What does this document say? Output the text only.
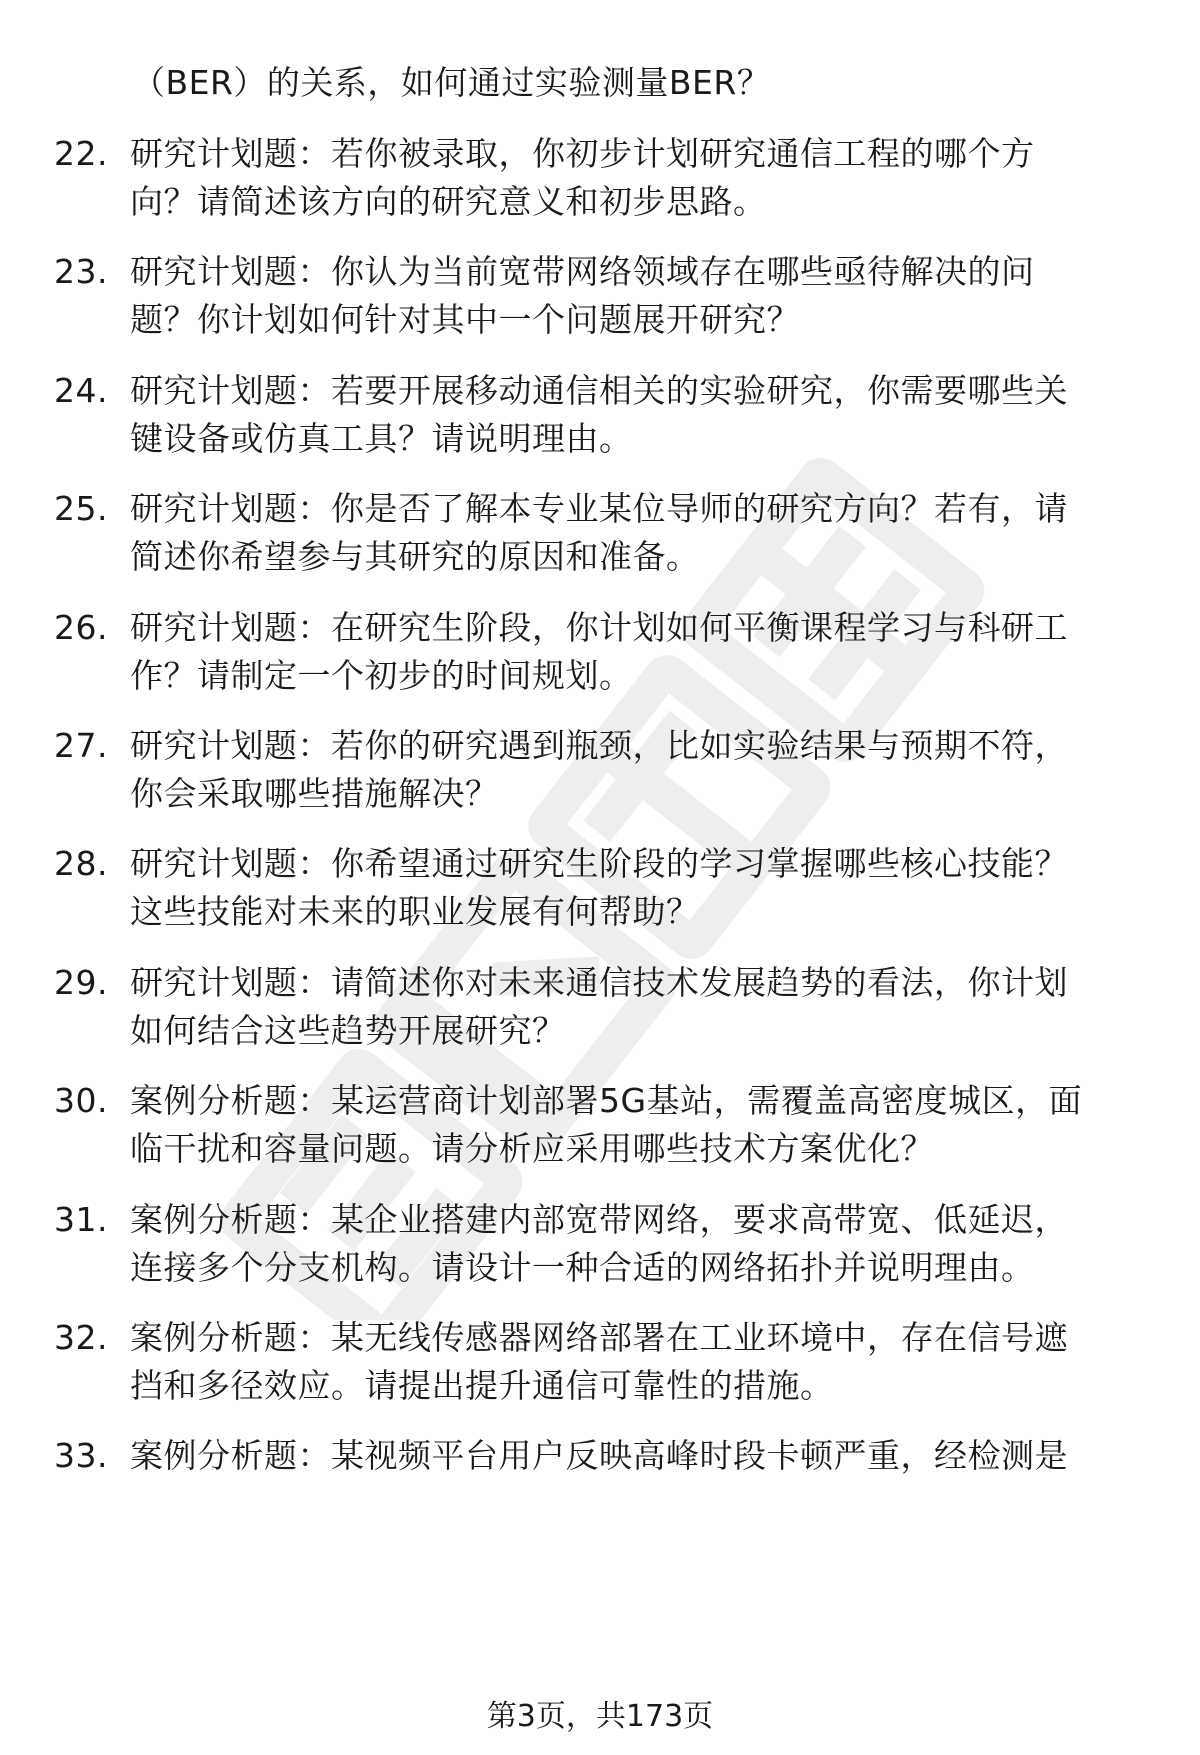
（BER）的关系，如何通过实验测量BER？
22. 研究计划题：若你被录取，你初步计划研究通信工程的哪个方
向？请简述该方向的研究意义和初步思路。
23. 研究计划题：你认为当前宽带网络领域存在哪些亟待解决的问
题？你计划如何针对其中一个问题展开研究？
24. 研究计划题：若要开展移动通信相关的实验研究，你需要哪些关
键设备或仿真工具？请说明理由。
25. 研究计划题：你是否了解本专业某位导师的研究方向？若有，请
简述你希望参与其研究的原因和准备。
26. 研究计划题：在研究生阶段，你计划如何平衡课程学习与科研工
作？请制定一个初步的时间规划。
27. 研究计划题：若你的研究遇到瓶颈，比如实验结果与预期不符，
你会采取哪些措施解决？
28. 研究计划题：你希望通过研究生阶段的学习掌握哪些核心技能？
这些技能对未来的职业发展有何帮助？
29. 研究计划题：请简述你对未来通信技术发展趋势的看法，你计划
如何结合这些趋势开展研究？
30. 案例分析题：某运营商计划部署5G基站，需覆盖高密度城区，面
临干扰和容量问题。请分析应采用哪些技术方案优化？
31. 案例分析题：某企业搭建内部宽带网络，要求高带宽、低延迟，
连接多个分支机构。请设计一种合适的网络拓扑并说明理由。
32. 案例分析题：某无线传感器网络部署在工业环境中，存在信号遮
挡和多径效应。请提出提升通信可靠性的措施。
33. 案例分析题：某视频平台用户反映高峰时段卡顿严重，经检测是
第3页，共173页
